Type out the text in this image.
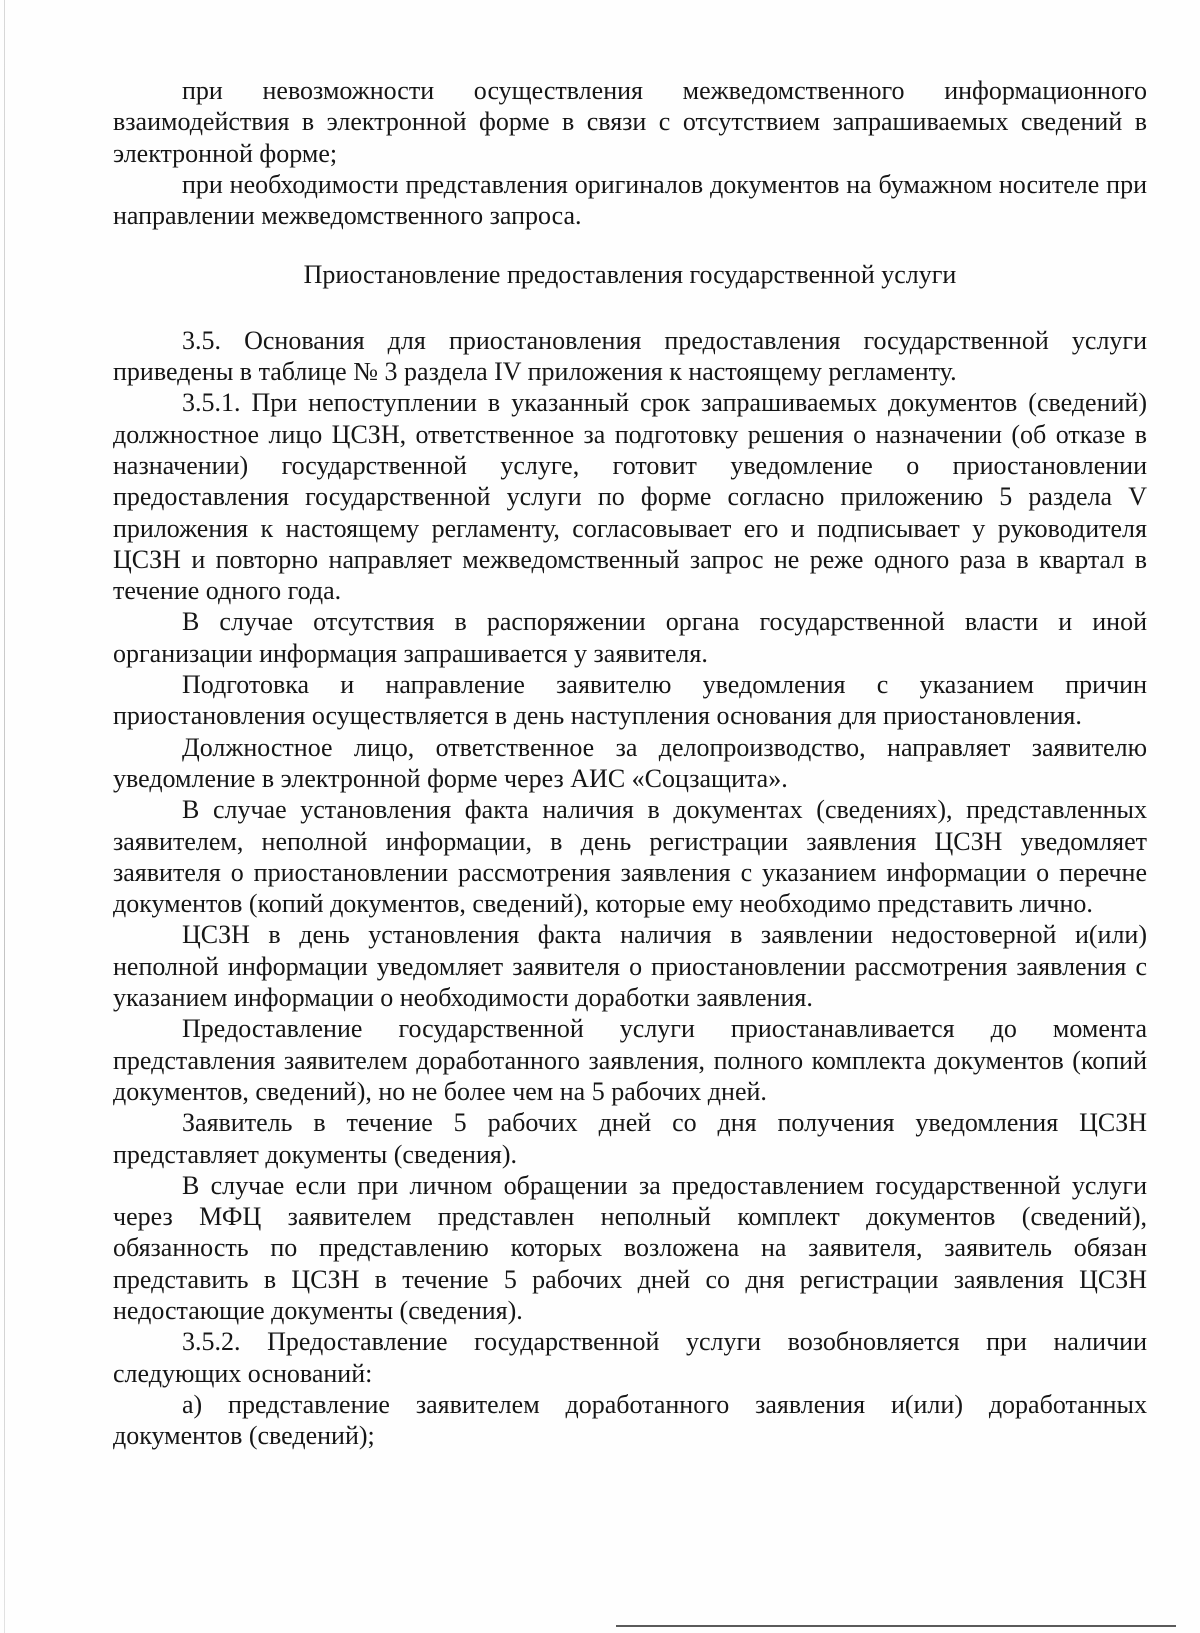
при невозможности осуществления межведомственного информационного взаимодействия в электронной форме в связи с отсутствием запрашиваемых сведений в электронной форме;

при необходимости представления оригиналов документов на бумажном носителе при направлении межведомственного запроса.

Приостановление предоставления государственной услуги

3.5. Основания для приостановления предоставления государственной услуги приведены в таблице № 3 раздела IV приложения к настоящему регламенту.

3.5.1. При непоступлении в указанный срок запрашиваемых документов (сведений) должностное лицо ЦСЗН, ответственное за подготовку решения о назначении (об отказе в назначении) государственной услуге, готовит уведомление о приостановлении предоставления государственной услуги по форме согласно приложению 5 раздела V приложения к настоящему регламенту, согласовывает его и подписывает у руководителя ЦСЗН и повторно направляет межведомственный запрос не реже одного раза в квартал в течение одного года.

В случае отсутствия в распоряжении органа государственной власти и иной организации информация запрашивается у заявителя.

Подготовка и направление заявителю уведомления с указанием причин приостановления осуществляется в день наступления основания для приостановления.

Должностное лицо, ответственное за делопроизводство, направляет заявителю уведомление в электронной форме через АИС «Соцзащита».

В случае установления факта наличия в документах (сведениях), представленных заявителем, неполной информации, в день регистрации заявления ЦСЗН уведомляет заявителя о приостановлении рассмотрения заявления с указанием информации о перечне документов (копий документов, сведений), которые ему необходимо представить лично.

ЦСЗН в день установления факта наличия в заявлении недостоверной и(или) неполной информации уведомляет заявителя о приостановлении рассмотрения заявления с указанием информации о необходимости доработки заявления.

Предоставление государственной услуги приостанавливается до момента представления заявителем доработанного заявления, полного комплекта документов (копий документов, сведений), но не более чем на 5 рабочих дней.

Заявитель в течение 5 рабочих дней со дня получения уведомления ЦСЗН представляет документы (сведения).

В случае если при личном обращении за предоставлением государственной услуги через МФЦ заявителем представлен неполный комплект документов (сведений), обязанность по представлению которых возложена на заявителя, заявитель обязан представить в ЦСЗН в течение 5 рабочих дней со дня регистрации заявления ЦСЗН недостающие документы (сведения).

3.5.2. Предоставление государственной услуги возобновляется при наличии следующих оснований:

а) представление заявителем доработанного заявления и(или) доработанных документов (сведений);
